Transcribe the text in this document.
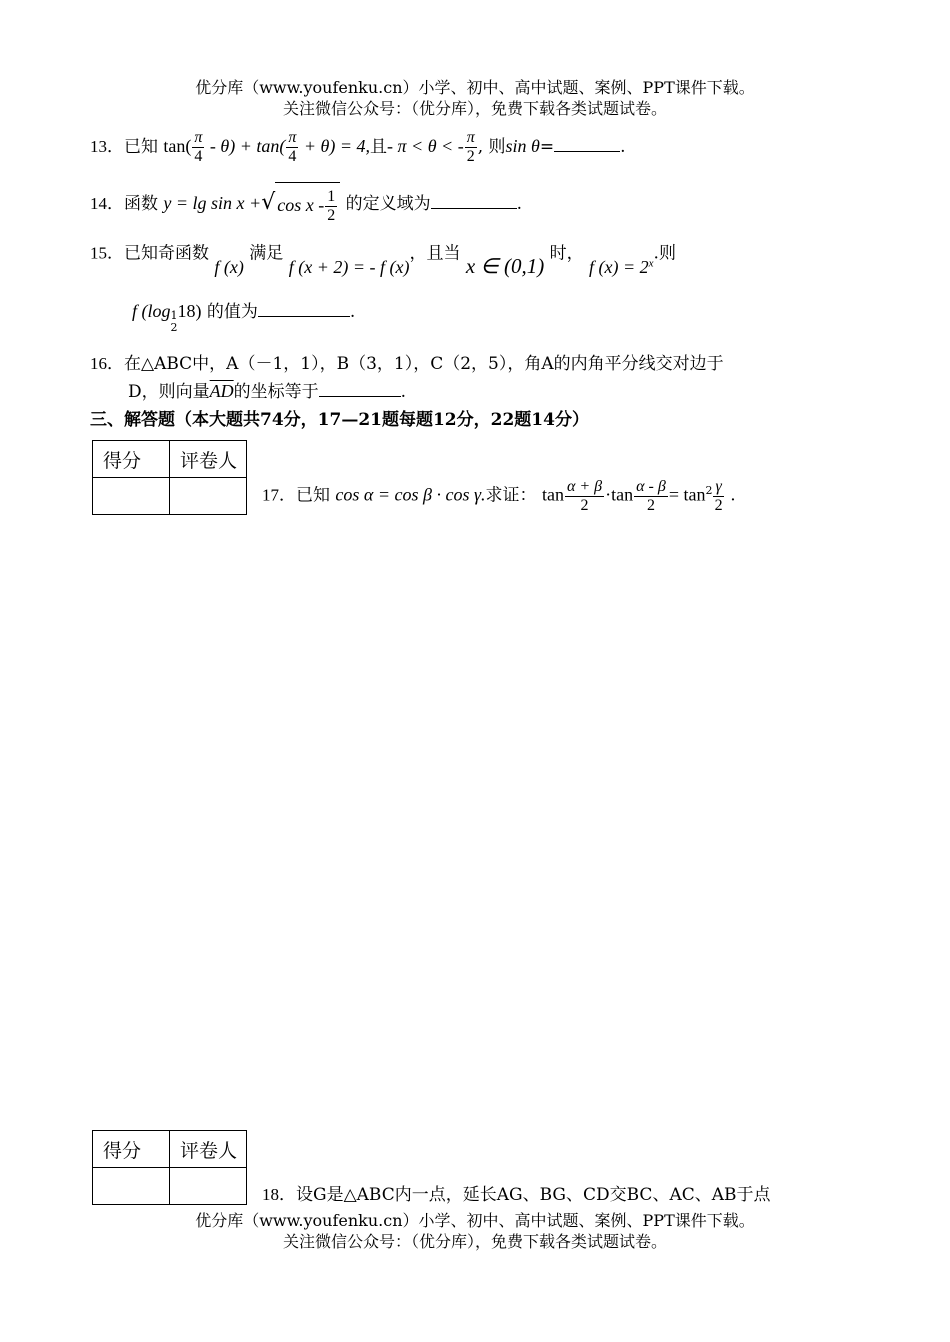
优分库（www.youfenku.cn）小学、初中、高中试题、案例、PPT课件下载。
关注微信公众号：（优分库），免费下载各类试题试卷。
13．已知 $\tan( \frac{\pi}{4} - \theta) + \tan( \frac{\pi}{4} + \theta) = 4$,且- π < θ < - $\frac{\pi}{2}$ , 则sin θ=	.
14．函数 y = lg sin x +√ cos x - $\frac{1}{2}$ 的定义域为	.
15．已知奇函数 f (x) 满足 f (x + 2) = - f (x)，且当 x ∈ (0,1) 时， f $(x) = 2^x$.则
f (log 1
2
18) 的值为	.
16．在△ABC中，A（－1，1），B（3，1），C（2，5），角A的内角平分线交对边于
D，则向量$\overline{AD}$的坐标等于	.
三、解答题（本大题共74分，17—21题每题12分，22题14分）
得分	评卷人

17．已知 cos α = cos β · cos γ.求证： $\tan \frac{\alpha + \beta}{2} \cdot\tan \frac{\alpha - \beta}{2} = \tan^2 \frac{\gamma}{2}$ .
得分	评卷人

18．设G是△ABC内一点，延长AG、BG、CD交BC、AC、AB于点
优分库（www.youfenku.cn）小学、初中、高中试题、案例、PPT课件下载。
关注微信公众号：（优分库），免费下载各类试题试卷。
